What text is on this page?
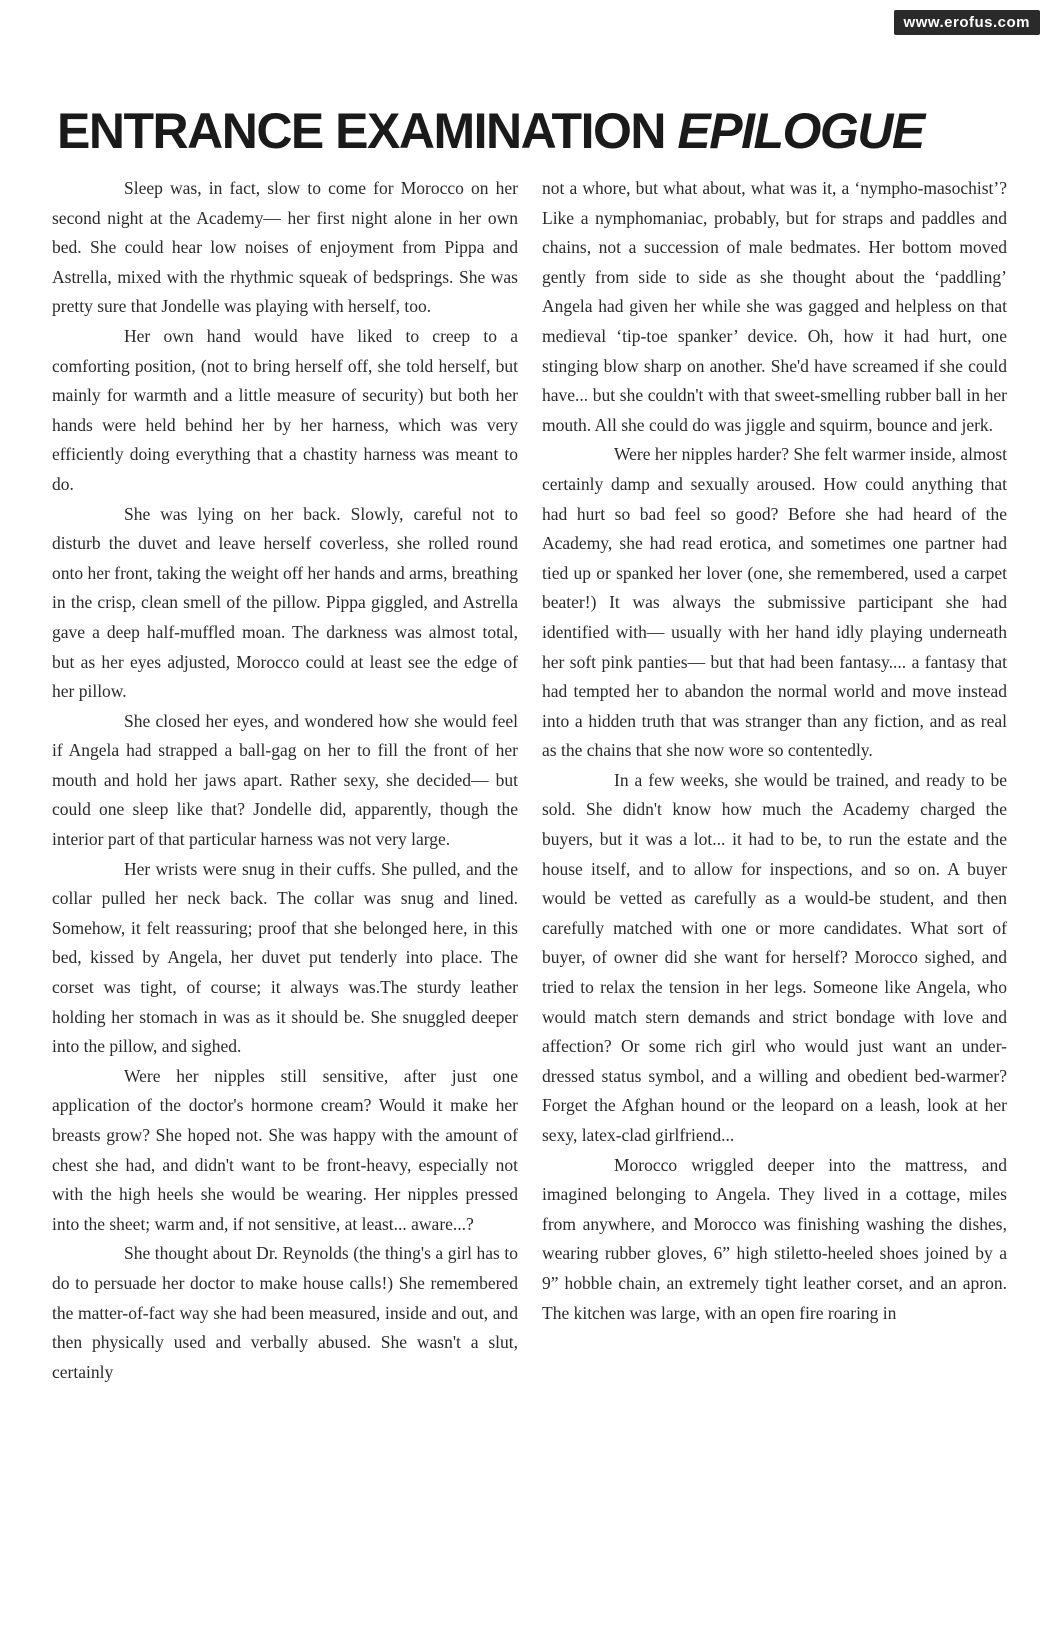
www.erofus.com
ENTRANCE EXAMINATION EPILOGUE

Sleep was, in fact, slow to come for Morocco on her second night at the Academy— her first night alone in her own bed. She could hear low noises of enjoyment from Pippa and Astrella, mixed with the rhythmic squeak of bedsprings. She was pretty sure that Jondelle was playing with herself, too.

Her own hand would have liked to creep to a comforting position, (not to bring herself off, she told herself, but mainly for warmth and a little measure of security) but both her hands were held behind her by her harness, which was very efficiently doing everything that a chastity harness was meant to do.

She was lying on her back. Slowly, careful not to disturb the duvet and leave herself coverless, she rolled round onto her front, taking the weight off her hands and arms, breathing in the crisp, clean smell of the pillow. Pippa giggled, and Astrella gave a deep half-muffled moan. The darkness was almost total, but as her eyes adjusted, Morocco could at least see the edge of her pillow.

She closed her eyes, and wondered how she would feel if Angela had strapped a ball-gag on her to fill the front of her mouth and hold her jaws apart. Rather sexy, she decided— but could one sleep like that? Jondelle did, apparently, though the interior part of that particular harness was not very large.

Her wrists were snug in their cuffs. She pulled, and the collar pulled her neck back. The collar was snug and lined. Somehow, it felt reassuring; proof that she belonged here, in this bed, kissed by Angela, her duvet put tenderly into place. The corset was tight, of course; it always was.The sturdy leather holding her stomach in was as it should be. She snuggled deeper into the pillow, and sighed.

Were her nipples still sensitive, after just one application of the doctor's hormone cream? Would it make her breasts grow? She hoped not. She was happy with the amount of chest she had, and didn't want to be front-heavy, especially not with the high heels she would be wearing. Her nipples pressed into the sheet; warm and, if not sensitive, at least... aware...?

She thought about Dr. Reynolds (the thing's a girl has to do to persuade her doctor to make house calls!) She remembered the matter-of-fact way she had been measured, inside and out, and then physically used and verbally abused. She wasn't a slut, certainly

not a whore, but what about, what was it, a ‘nympho-masochist’? Like a nymphomaniac, probably, but for straps and paddles and chains, not a succession of male bedmates. Her bottom moved gently from side to side as she thought about the ‘paddling’ Angela had given her while she was gagged and helpless on that medieval ‘tip-toe spanker’ device. Oh, how it had hurt, one stinging blow sharp on another. She'd have screamed if she could have... but she couldn't with that sweet-smelling rubber ball in her mouth. All she could do was jiggle and squirm, bounce and jerk.

Were her nipples harder? She felt warmer inside, almost certainly damp and sexually aroused. How could anything that had hurt so bad feel so good? Before she had heard of the Academy, she had read erotica, and sometimes one partner had tied up or spanked her lover (one, she remembered, used a carpet beater!) It was always the submissive participant she had identified with— usually with her hand idly playing underneath her soft pink panties— but that had been fantasy.... a fantasy that had tempted her to abandon the normal world and move instead into a hidden truth that was stranger than any fiction, and as real as the chains that she now wore so contentedly.

In a few weeks, she would be trained, and ready to be sold. She didn't know how much the Academy charged the buyers, but it was a lot... it had to be, to run the estate and the house itself, and to allow for inspections, and so on. A buyer would be vetted as carefully as a would-be student, and then carefully matched with one or more candidates. What sort of buyer, of owner did she want for herself? Morocco sighed, and tried to relax the tension in her legs. Someone like Angela, who would match stern demands and strict bondage with love and affection? Or some rich girl who would just want an under-dressed status symbol, and a willing and obedient bed-warmer? Forget the Afghan hound or the leopard on a leash, look at her sexy, latex-clad girlfriend...

Morocco wriggled deeper into the mattress, and imagined belonging to Angela. They lived in a cottage, miles from anywhere, and Morocco was finishing washing the dishes, wearing rubber gloves, 6” high stiletto-heeled shoes joined by a 9” hobble chain, an extremely tight leather corset, and an apron. The kitchen was large, with an open fire roaring in
